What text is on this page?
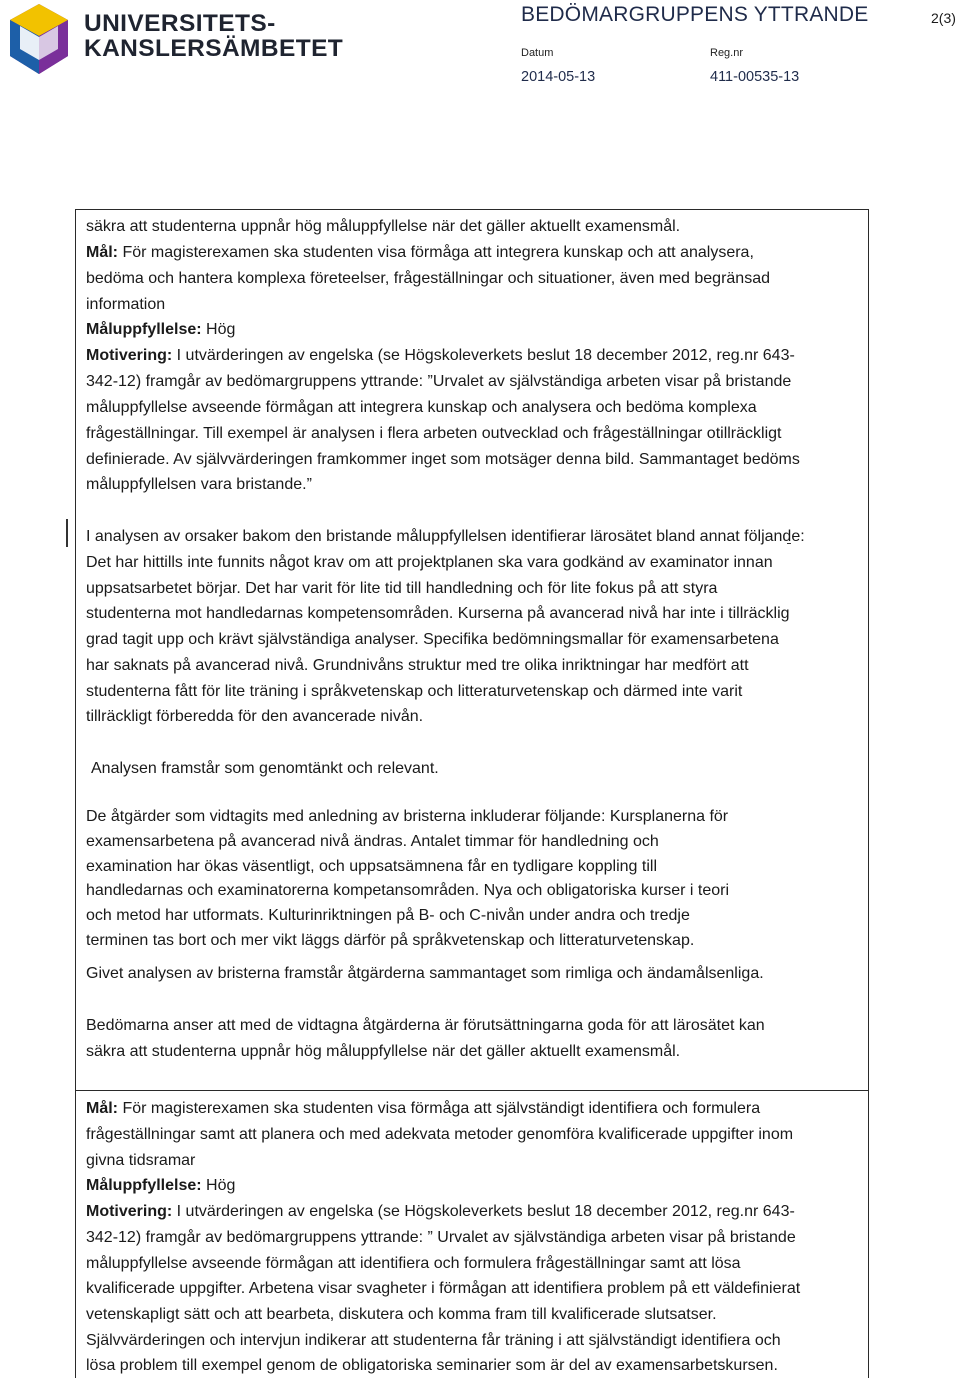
UNIVERSITETS-
KANSLERSÄMBETET
BEDÖMARGRUPPENS YTTRANDE	2(3)
Datum	Reg.nr
2014-05-13	411-00535-13
säkra att studenterna uppnår hög måluppfyllelse när det gäller aktuellt examensmål.
Mål: För magisterexamen ska studenten visa förmåga att integrera kunskap och att analysera,
bedöma och hantera komplexa företeelser, frågeställningar och situationer, även med begränsad
information
Måluppfyllelse: Hög
Motivering: I utvärderingen av engelska (se Högskoleverkets beslut 18 december 2012, reg.nr 643-
342-12) framgår av bedömargruppens yttrande: ”Urvalet av självständiga arbeten visar på bristande
måluppfyllelse avseende förmågan att integrera kunskap och analysera och bedöma komplexa
frågeställningar. Till exempel är analysen i flera arbeten outvecklad och frågeställningar otillräckligt
definierade. Av självvärderingen framkommer inget som motsäger denna bild. Sammantaget bedöms
måluppfyllelsen vara bristande.”
I analysen av orsaker bakom den bristande måluppfyllelsen identifierar lärosätet bland annat följande:
Det har hittills inte funnits något krav om att projektplanen ska vara godkänd av examinator innan
uppsatsarbetet börjar. Det har varit för lite tid till handledning och för lite fokus på att styra
studenterna mot handledarnas kompetensområden. Kurserna på avancerad nivå har inte i tillräcklig
grad tagit upp och krävt självständiga analyser. Specifika bedömningsmallar för examensarbetena
har saknats på avancerad nivå. Grundnivåns struktur med tre olika inriktningar har medfört att
studenterna fått för lite träning i språkvetenskap och litteraturvetenskap och därmed inte varit
tillräckligt förberedda för den avancerade nivån.
Analysen framstår som genomtänkt och relevant.
De åtgärder som vidtagits med anledning av bristerna inkluderar följande: Kursplanerna för
examensarbetena på avancerad nivå ändras. Antalet timmar för handledning och
examination har ökas väsentligt, och uppsatsämnena får en tydligare koppling till
handledarnas och examinatorerna kompetansområden. Nya och obligatoriska kurser i teori
och metod har utformats. Kulturinriktningen på B- och C-nivån under andra och tredje
terminen tas bort och mer vikt läggs därför på språkvetenskap och litteraturvetenskap.
Givet analysen av bristerna framstår åtgärderna sammantaget som rimliga och ändamålsenliga.
Bedömarna anser att med de vidtagna åtgärderna är förutsättningarna goda för att lärosätet kan
säkra att studenterna uppnår hög måluppfyllelse när det gäller aktuellt examensmål.
Mål: För magisterexamen ska studenten visa förmåga att självständigt identifiera och formulera
frågeställningar samt att planera och med adekvata metoder genomföra kvalificerade uppgifter inom
givna tidsramar
Måluppfyllelse: Hög
Motivering: I utvärderingen av engelska (se Högskoleverkets beslut 18 december 2012, reg.nr 643-
342-12) framgår av bedömargruppens yttrande: ” Urvalet av självständiga arbeten visar på bristande
måluppfyllelse avseende förmågan att identifiera och formulera frågeställningar samt att lösa
kvalificerade uppgifter. Arbetena visar svagheter i förmågan att identifiera problem på ett väldefinierat
vetenskapligt sätt och att bearbeta, diskutera och komma fram till kvalificerade slutsatser.
Självvärderingen och intervjun indikerar att studenterna får träning i att självständigt identifiera och
lösa problem till exempel genom de obligatoriska seminarier som är del av examensarbetskursen.
